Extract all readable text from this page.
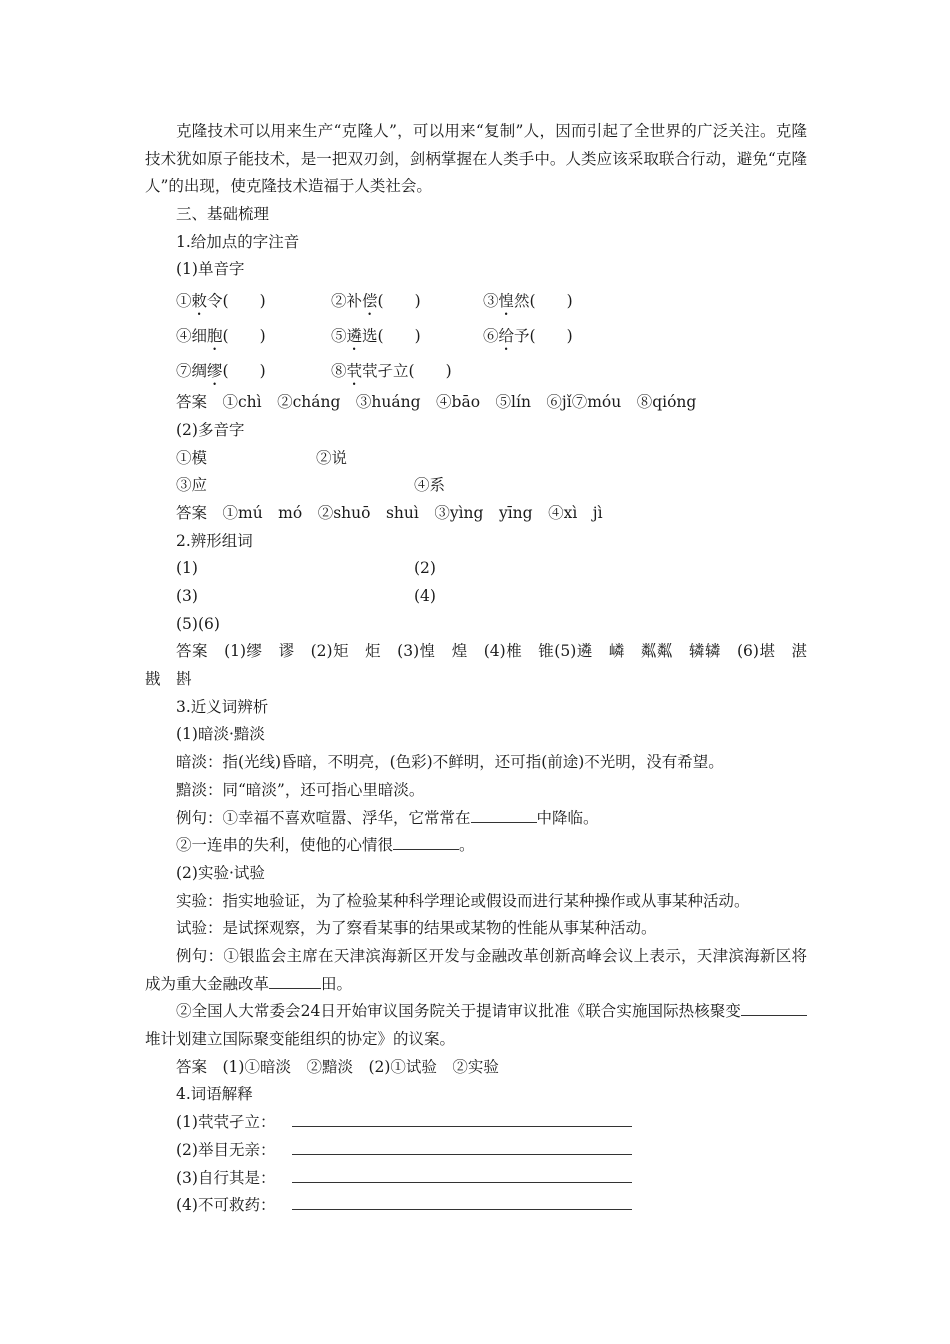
克隆技术可以用来生产“克隆人”，可以用来“复制”人，因而引起了全世界的广泛关注。克隆技术犹如原子能技术，是一把双刃剑，剑柄掌握在人类手中。人类应该采取联合行动，避免“克隆人”的出现，使克隆技术造福于人类社会。
三、基础梳理
1.给加点的字注音
(1)单音字
①敕令(　　)	②补偿(　　)	③惶然(　　)
④细胞(　　)	⑤遴选(　　)	⑥给予(　　)
⑦绸缪(　　)	⑧茕茕孑立(　　)
答案　①chì　②cháng　③huáng　④bāo　⑤lín　⑥jǐ⑦móu　⑧qióng
(2)多音字
①模	②说
③应	④系
答案　①mú　mó　②shuō　shuì　③yìng　yīng　④xì　jì
2.辨形组词
(1)	(2)
(3)	(4)
(5)(6)
答案　(1)缪　谬　(2)矩　炬　(3)惶　煌　(4)椎　锥(5)遴　嶙　粼粼　辚辚　(6)堪　湛　戡　斟
3.近义词辨析
(1)暗淡·黯淡
暗淡：指(光线)昏暗，不明亮，(色彩)不鲜明，还可指(前途)不光明，没有希望。
黯淡：同“暗淡”，还可指心里暗淡。
例句：①幸福不喜欢喧嚣、浮华，它常常在	中降临。
②一连串的失利，使他的心情很	。
(2)实验·试验
实验：指实地验证，为了检验某种科学理论或假设而进行某种操作或从事某种活动。
试验：是试探观察，为了察看某事的结果或某物的性能从事某种活动。
例句：①银监会主席在天津滨海新区开发与金融改革创新高峰会议上表示，天津滨海新区将成为重大金融改革	田。
②全国人大常委会24日开始审议国务院关于提请审议批准《联合实施国际热核聚变堆计划建立国际聚变能组织的协定》的议案。
答案　(1)①暗淡　②黯淡　(2)①试验　②实验
4.词语解释
(1)茕茕孑立：
(2)举目无亲：
(3)自行其是：
(4)不可救药：
